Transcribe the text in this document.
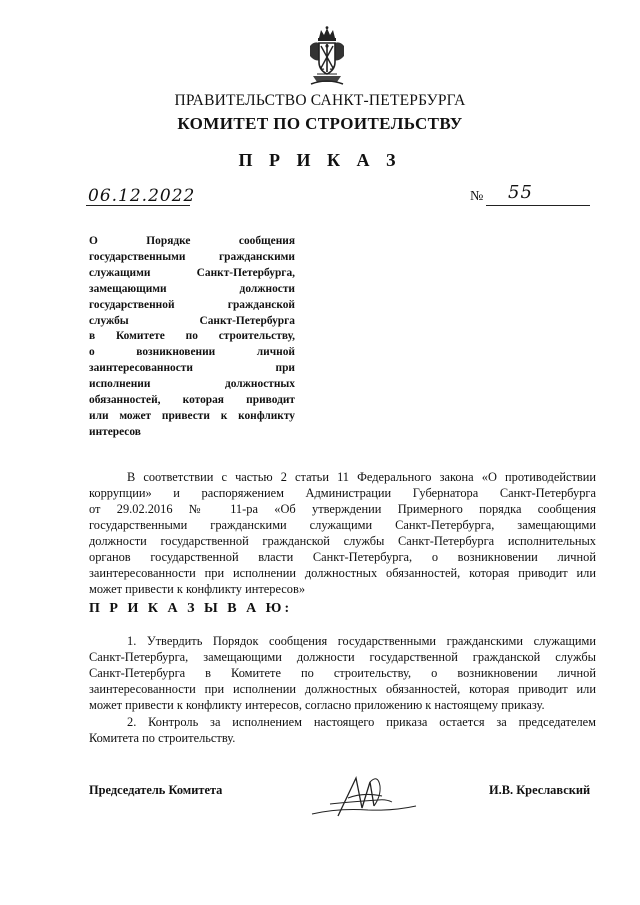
ПРАВИТЕЛЬСТВО САНКТ-ПЕТЕРБУРГА
КОМИТЕТ ПО СТРОИТЕЛЬСТВУ
П Р И К А З
06.12.2022	№ 55
О Порядке сообщения
государственными гражданскими
служащими Санкт-Петербурга,
замещающими должности
государственной гражданской
службы Санкт-Петербурга
в Комитете по строительству,
о возникновении личной
заинтересованности при
исполнении должностных
обязанностей, которая приводит
или может привести к конфликту
интересов
В соответствии с частью 2 статьи 11 Федерального закона «О противодействии
коррупции» и распоряжением Администрации Губернатора Санкт-Петербурга
от 29.02.2016 № 11-ра «Об утверждении Примерного порядка сообщения
государственными гражданскими служащими Санкт-Петербурга, замещающими
должности государственной гражданской службы Санкт-Петербурга исполнительных
органов государственной власти Санкт-Петербурга, о возникновении личной
заинтересованности при исполнении должностных обязанностей, которая приводит или
может привести к конфликту интересов»
П Р И К А З Ы В А Ю:
1. Утвердить Порядок сообщения государственными гражданскими служащими
Санкт-Петербурга, замещающими должности государственной гражданской службы
Санкт-Петербурга в Комитете по строительству, о возникновении личной
заинтересованности при исполнении должностных обязанностей, которая приводит или
может привести к конфликту интересов, согласно приложению к настоящему приказу.
2. Контроль за исполнением настоящего приказа остается за председателем
Комитета по строительству.
Председатель Комитета	И.В. Креславский
